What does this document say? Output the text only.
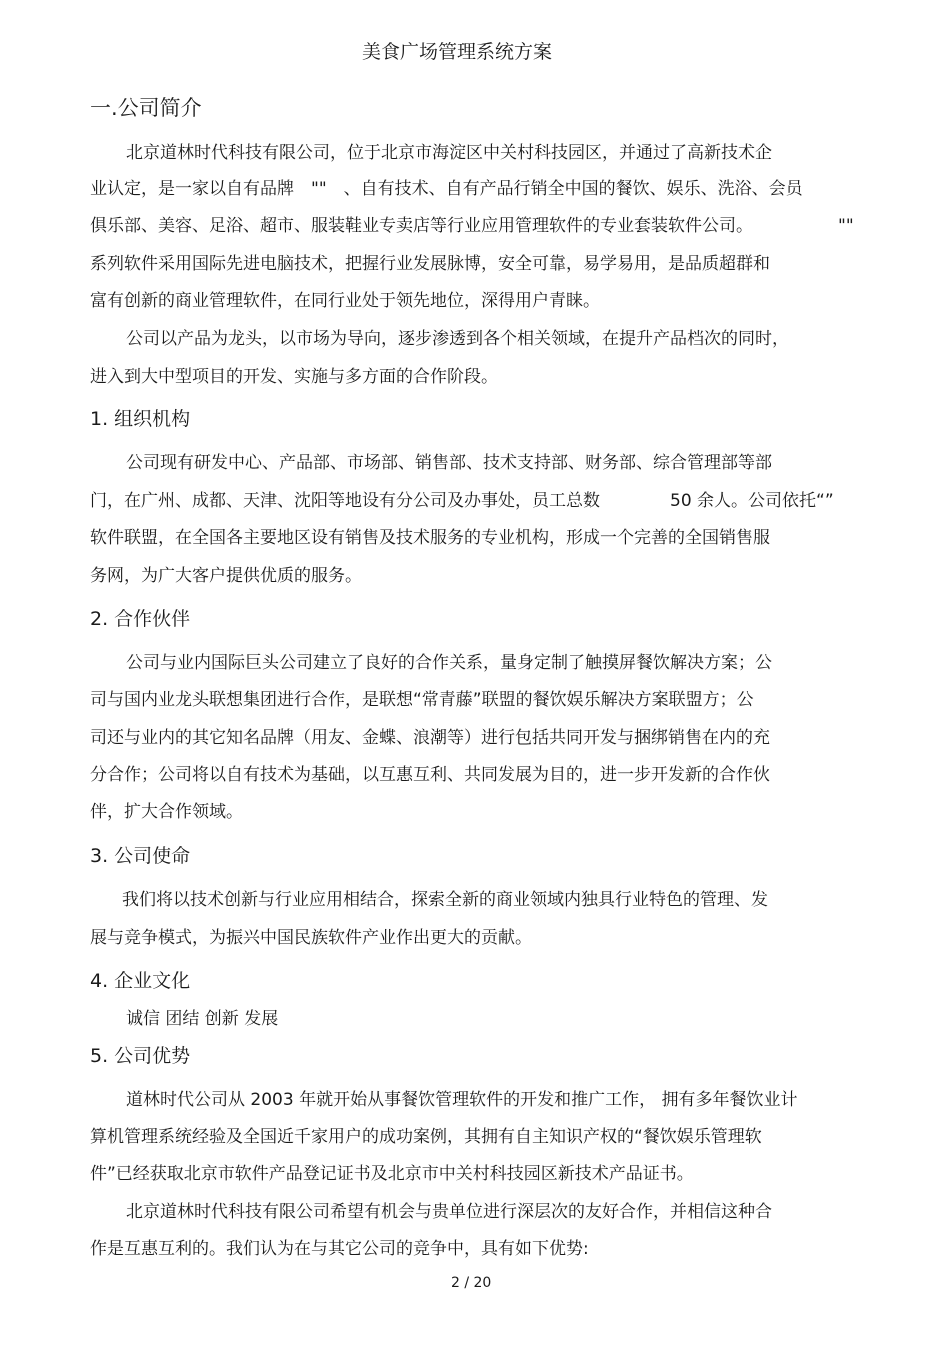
美食广场管理系统方案
一.公司简介
北京道林时代科技有限公司，位于北京市海淀区中关村科技园区，并通过了高新技术企
业认定，是一家以自有品牌　""　、自有技术、自有产品行销全中国的餐饮、娱乐、洗浴、会员
俱乐部、美容、足浴、超市、服装鞋业专卖店等行业应用管理软件的专业套装软件公司。	""
系列软件采用国际先进电脑技术，把握行业发展脉博，安全可靠，易学易用，是品质超群和
富有创新的商业管理软件，在同行业处于领先地位，深得用户青睐。
公司以产品为龙头，以市场为导向，逐步渗透到各个相关领域，在提升产品档次的同时，
进入到大中型项目的开发、实施与多方面的合作阶段。
1. 组织机构
公司现有研发中心、产品部、市场部、销售部、技术支持部、财务部、综合管理部等部
门，在广州、成都、天津、沈阳等地设有分公司及办事处，员工总数	50 余人。公司依托“”
软件联盟，在全国各主要地区设有销售及技术服务的专业机构，形成一个完善的全国销售服
务网，为广大客户提供优质的服务。
2. 合作伙伴
公司与业内国际巨头公司建立了良好的合作关系，量身定制了触摸屏餐饮解决方案；公
司与国内业龙头联想集团进行合作，是联想“常青藤”联盟的餐饮娱乐解决方案联盟方；公
司还与业内的其它知名品牌（用友、金蝶、浪潮等）进行包括共同开发与捆绑销售在内的充
分合作；公司将以自有技术为基础，以互惠互利、共同发展为目的，进一步开发新的合作伙
伴，扩大合作领域。
3. 公司使命
我们将以技术创新与行业应用相结合，探索全新的商业领域内独具行业特色的管理、发
展与竞争模式，为振兴中国民族软件产业作出更大的贡献。
4. 企业文化
诚信 团结 创新 发展
5. 公司优势
道林时代公司从 2003 年就开始从事餐饮管理软件的开发和推广工作， 拥有多年餐饮业计
算机管理系统经验及全国近千家用户的成功案例，其拥有自主知识产权的“餐饮娱乐管理软
件”已经获取北京市软件产品登记证书及北京市中关村科技园区新技术产品证书。
北京道林时代科技有限公司希望有机会与贵单位进行深层次的友好合作，并相信这种合
作是互惠互利的。我们认为在与其它公司的竞争中，具有如下优势:
2 / 20
